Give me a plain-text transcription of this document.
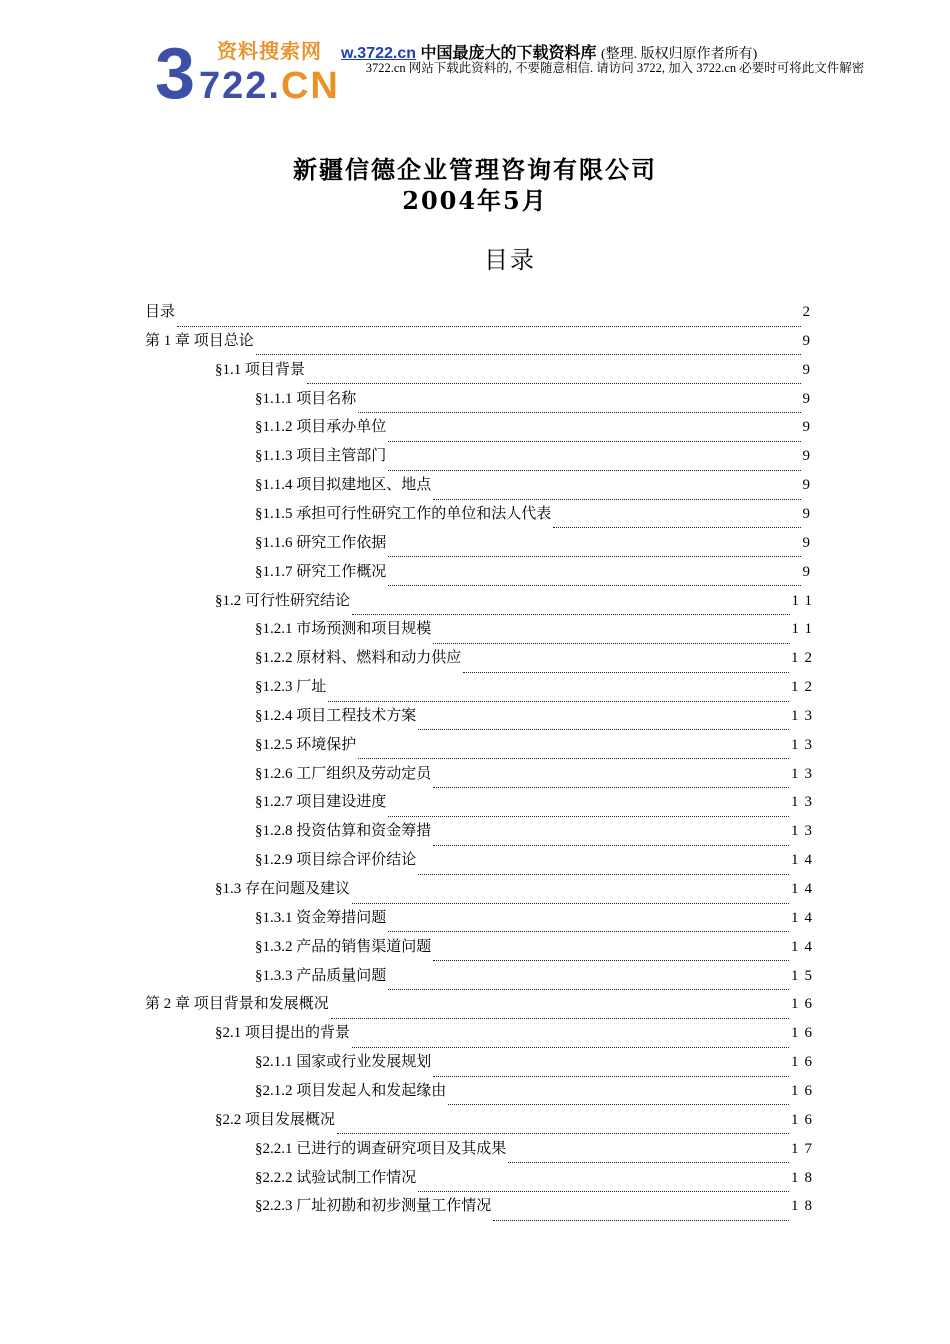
3 资料搜索网
722.CN
w.3722.cn 中国最庞大的下载资料库 (整理. 版权归原作者所有)
3722.cn 网站下载此资料的, 不要随意相信. 请访问 3722, 加入 3722.cn 必要时可将此文件解密
新疆信德企业管理咨询有限公司
2004年5月
目录
目录	2
第 1 章 项目总论	9
§1.1 项目背景	9
§1.1.1 项目名称	9
§1.1.2 项目承办单位	9
§1.1.3 项目主管部门	9
§1.1.4 项目拟建地区、地点	9
§1.1.5 承担可行性研究工作的单位和法人代表	9
§1.1.6 研究工作依据	9
§1.1.7 研究工作概况	9
§1.2 可行性研究结论	11
§1.2.1 市场预测和项目规模	11
§1.2.2 原材料、燃料和动力供应	12
§1.2.3 厂址	12
§1.2.4 项目工程技术方案	13
§1.2.5 环境保护	13
§1.2.6 工厂组织及劳动定员	13
§1.2.7 项目建设进度	13
§1.2.8 投资估算和资金筹措	13
§1.2.9 项目综合评价结论	14
§1.3 存在问题及建议	14
§1.3.1 资金筹措问题	14
§1.3.2 产品的销售渠道问题	14
§1.3.3 产品质量问题	15
第 2 章 项目背景和发展概况	16
§2.1 项目提出的背景	16
§2.1.1 国家或行业发展规划	16
§2.1.2 项目发起人和发起缘由	16
§2.2 项目发展概况	16
§2.2.1 已进行的调查研究项目及其成果	17
§2.2.2 试验试制工作情况	18
§2.2.3 厂址初勘和初步测量工作情况	18
